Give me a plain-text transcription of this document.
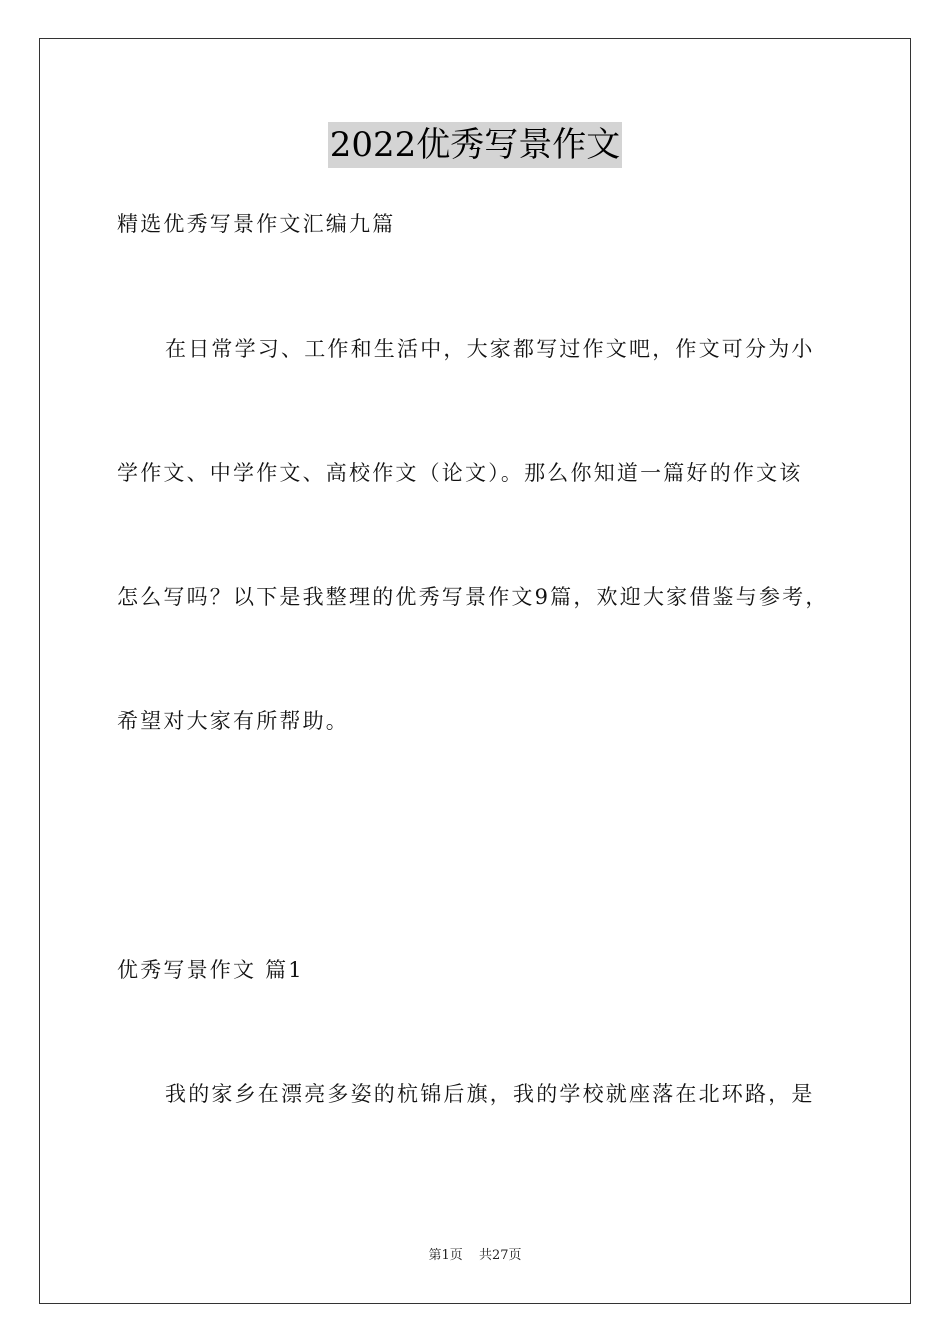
2022优秀写景作文
精选优秀写景作文汇编九篇
在日常学习、工作和生活中，大家都写过作文吧，作文可分为小
学作文、中学作文、高校作文（论文）。那么你知道一篇好的作文该
怎么写吗？以下是我整理的优秀写景作文9篇，欢迎大家借鉴与参考，
希望对大家有所帮助。
优秀写景作文 篇1
我的家乡在漂亮多姿的杭锦后旗，我的学校就座落在北环路，是
第1页 共27页
